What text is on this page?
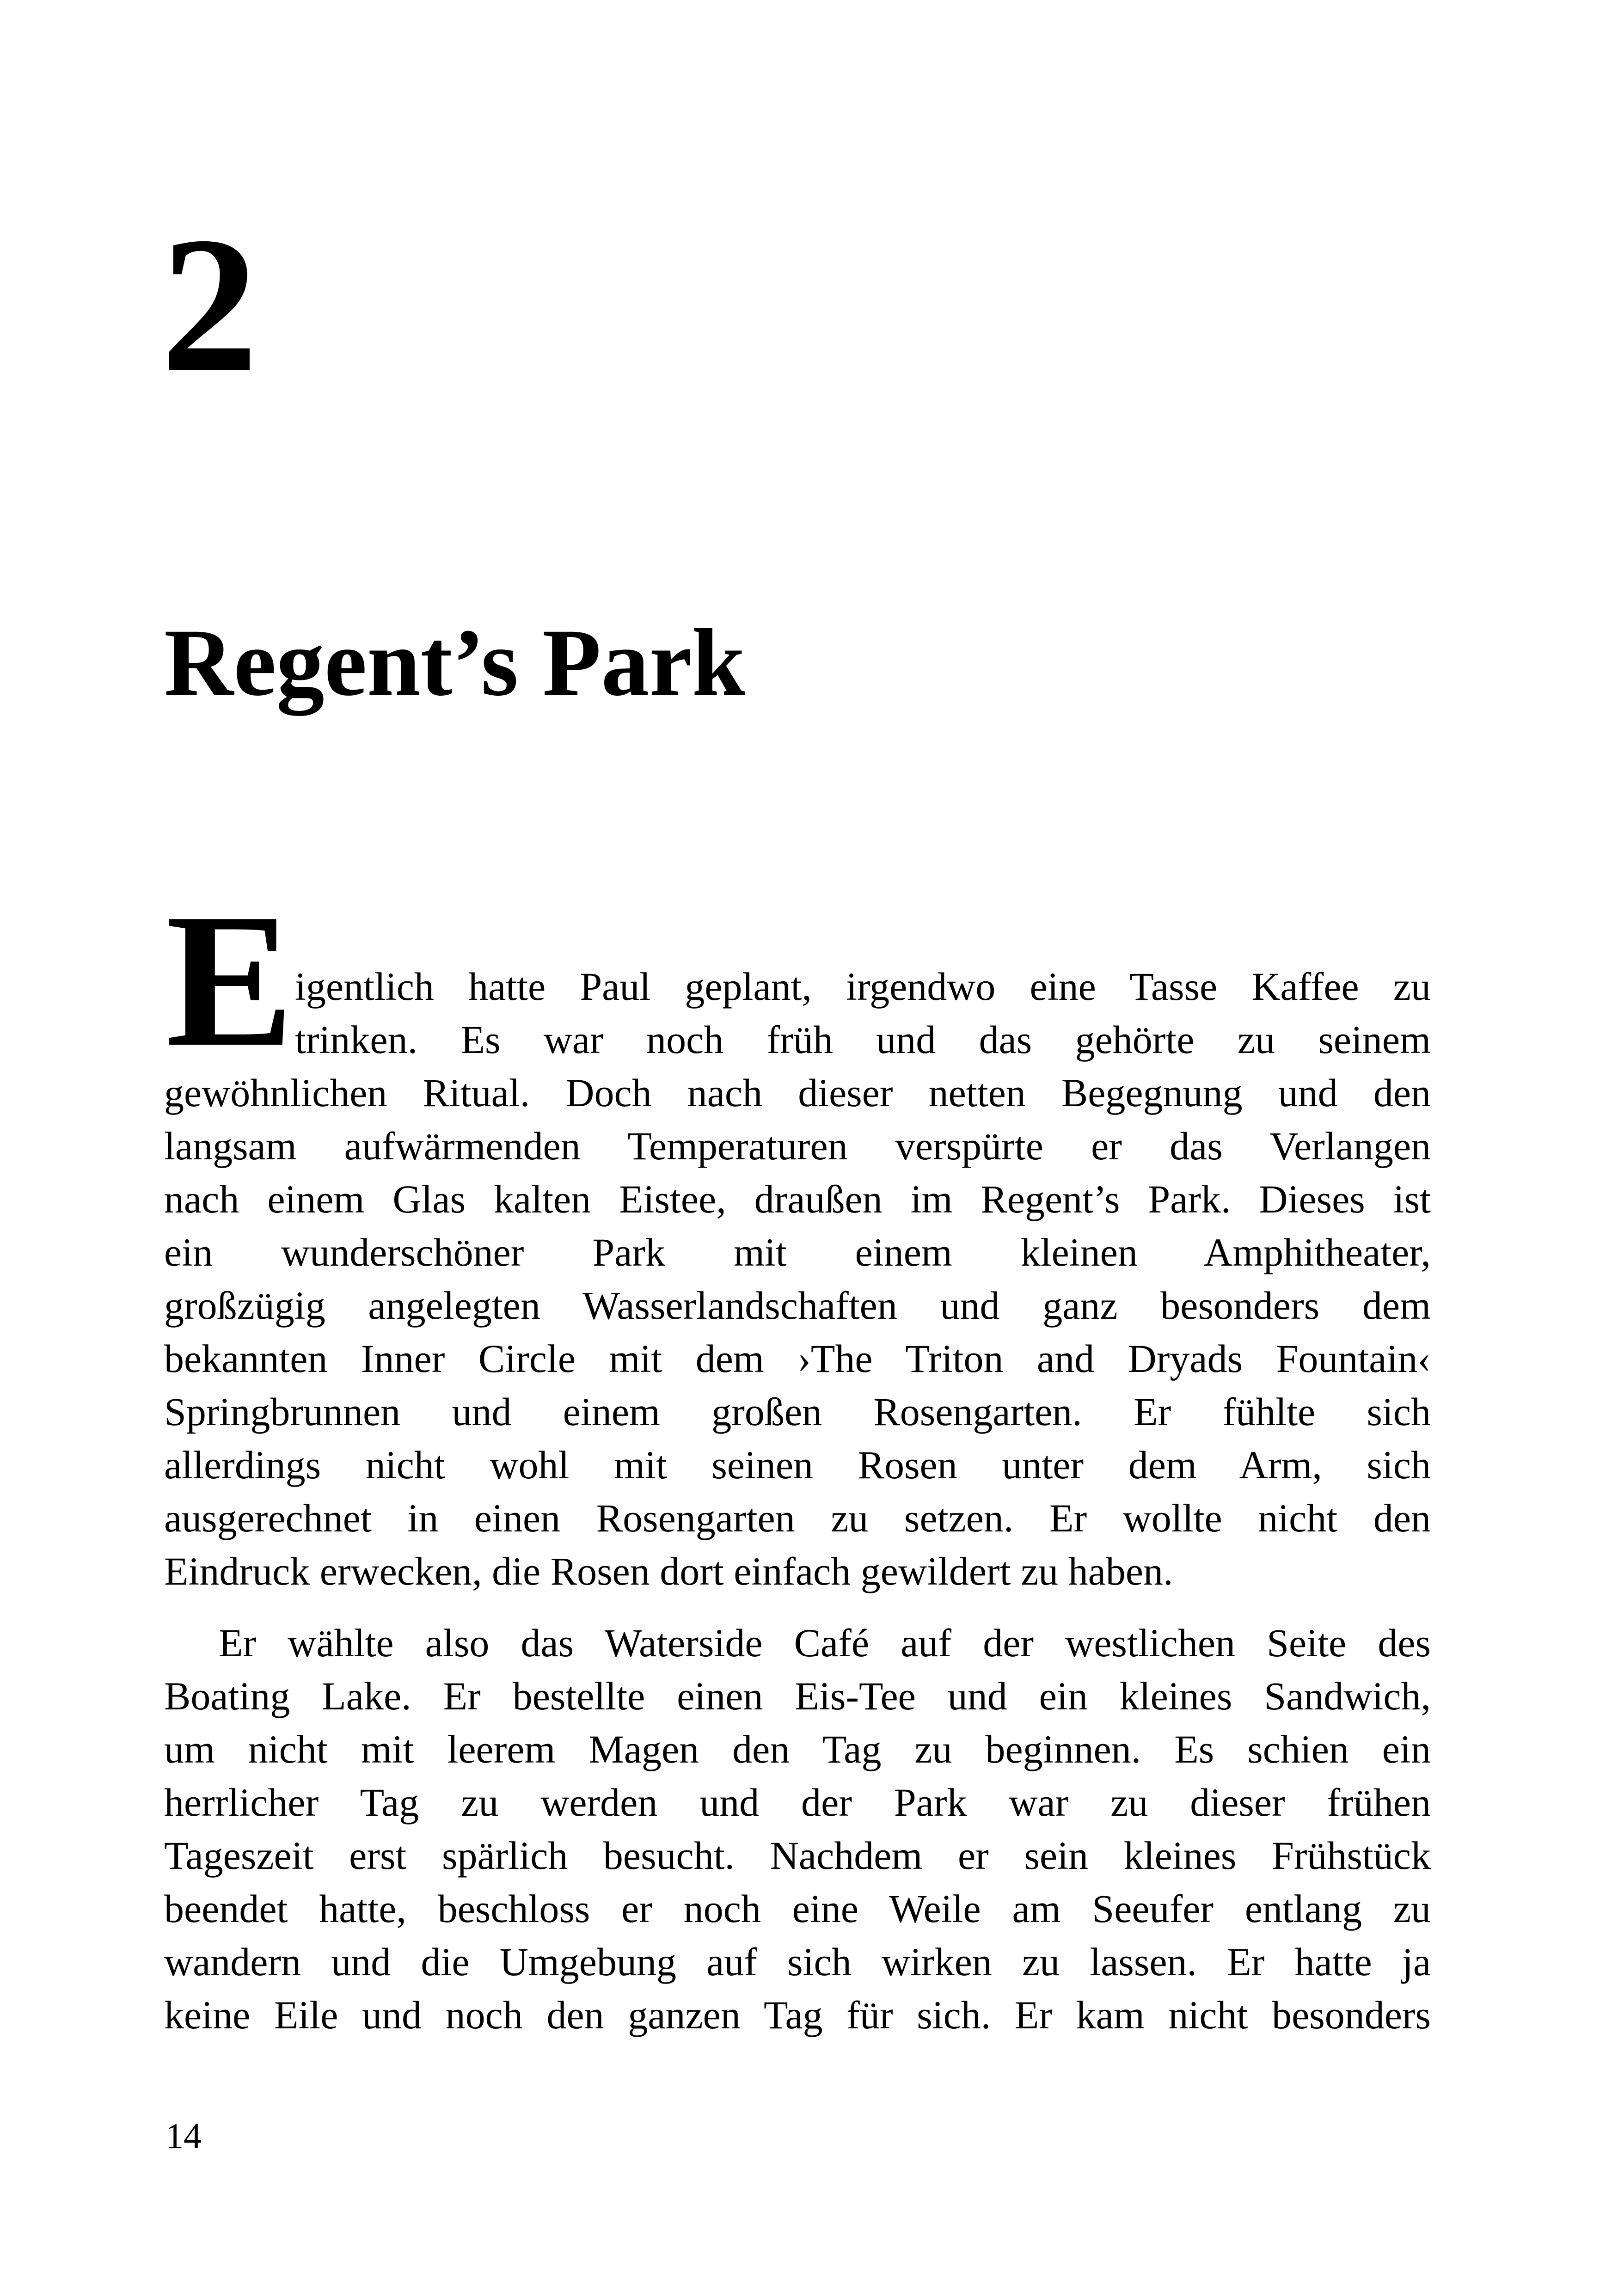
2
Regent’s Park
E igentlich hatte Paul geplant, irgendwo eine Tasse Kaffee zu
trinken. Es war noch früh und das gehörte zu seinem
gewöhnlichen Ritual. Doch nach dieser netten Begegnung und den
langsam aufwärmenden Temperaturen verspürte er das Verlangen
nach einem Glas kalten Eistee, draußen im Regent’s Park. Dieses ist
ein wunderschöner Park mit einem kleinen Amphitheater,
großzügig angelegten Wasserlandschaften und ganz besonders dem
bekannten Inner Circle mit dem ›The Triton and Dryads Fountain‹
Springbrunnen und einem großen Rosengarten. Er fühlte sich
allerdings nicht wohl mit seinen Rosen unter dem Arm, sich
ausgerechnet in einen Rosengarten zu setzen. Er wollte nicht den
Eindruck erwecken, die Rosen dort einfach gewildert zu haben.
Er wählte also das Waterside Café auf der westlichen Seite des
Boating Lake. Er bestellte einen Eis-Tee und ein kleines Sandwich,
um nicht mit leerem Magen den Tag zu beginnen. Es schien ein
herrlicher Tag zu werden und der Park war zu dieser frühen
Tageszeit erst spärlich besucht. Nachdem er sein kleines Frühstück
beendet hatte, beschloss er noch eine Weile am Seeufer entlang zu
wandern und die Umgebung auf sich wirken zu lassen. Er hatte ja
keine Eile und noch den ganzen Tag für sich. Er kam nicht besonders
14
